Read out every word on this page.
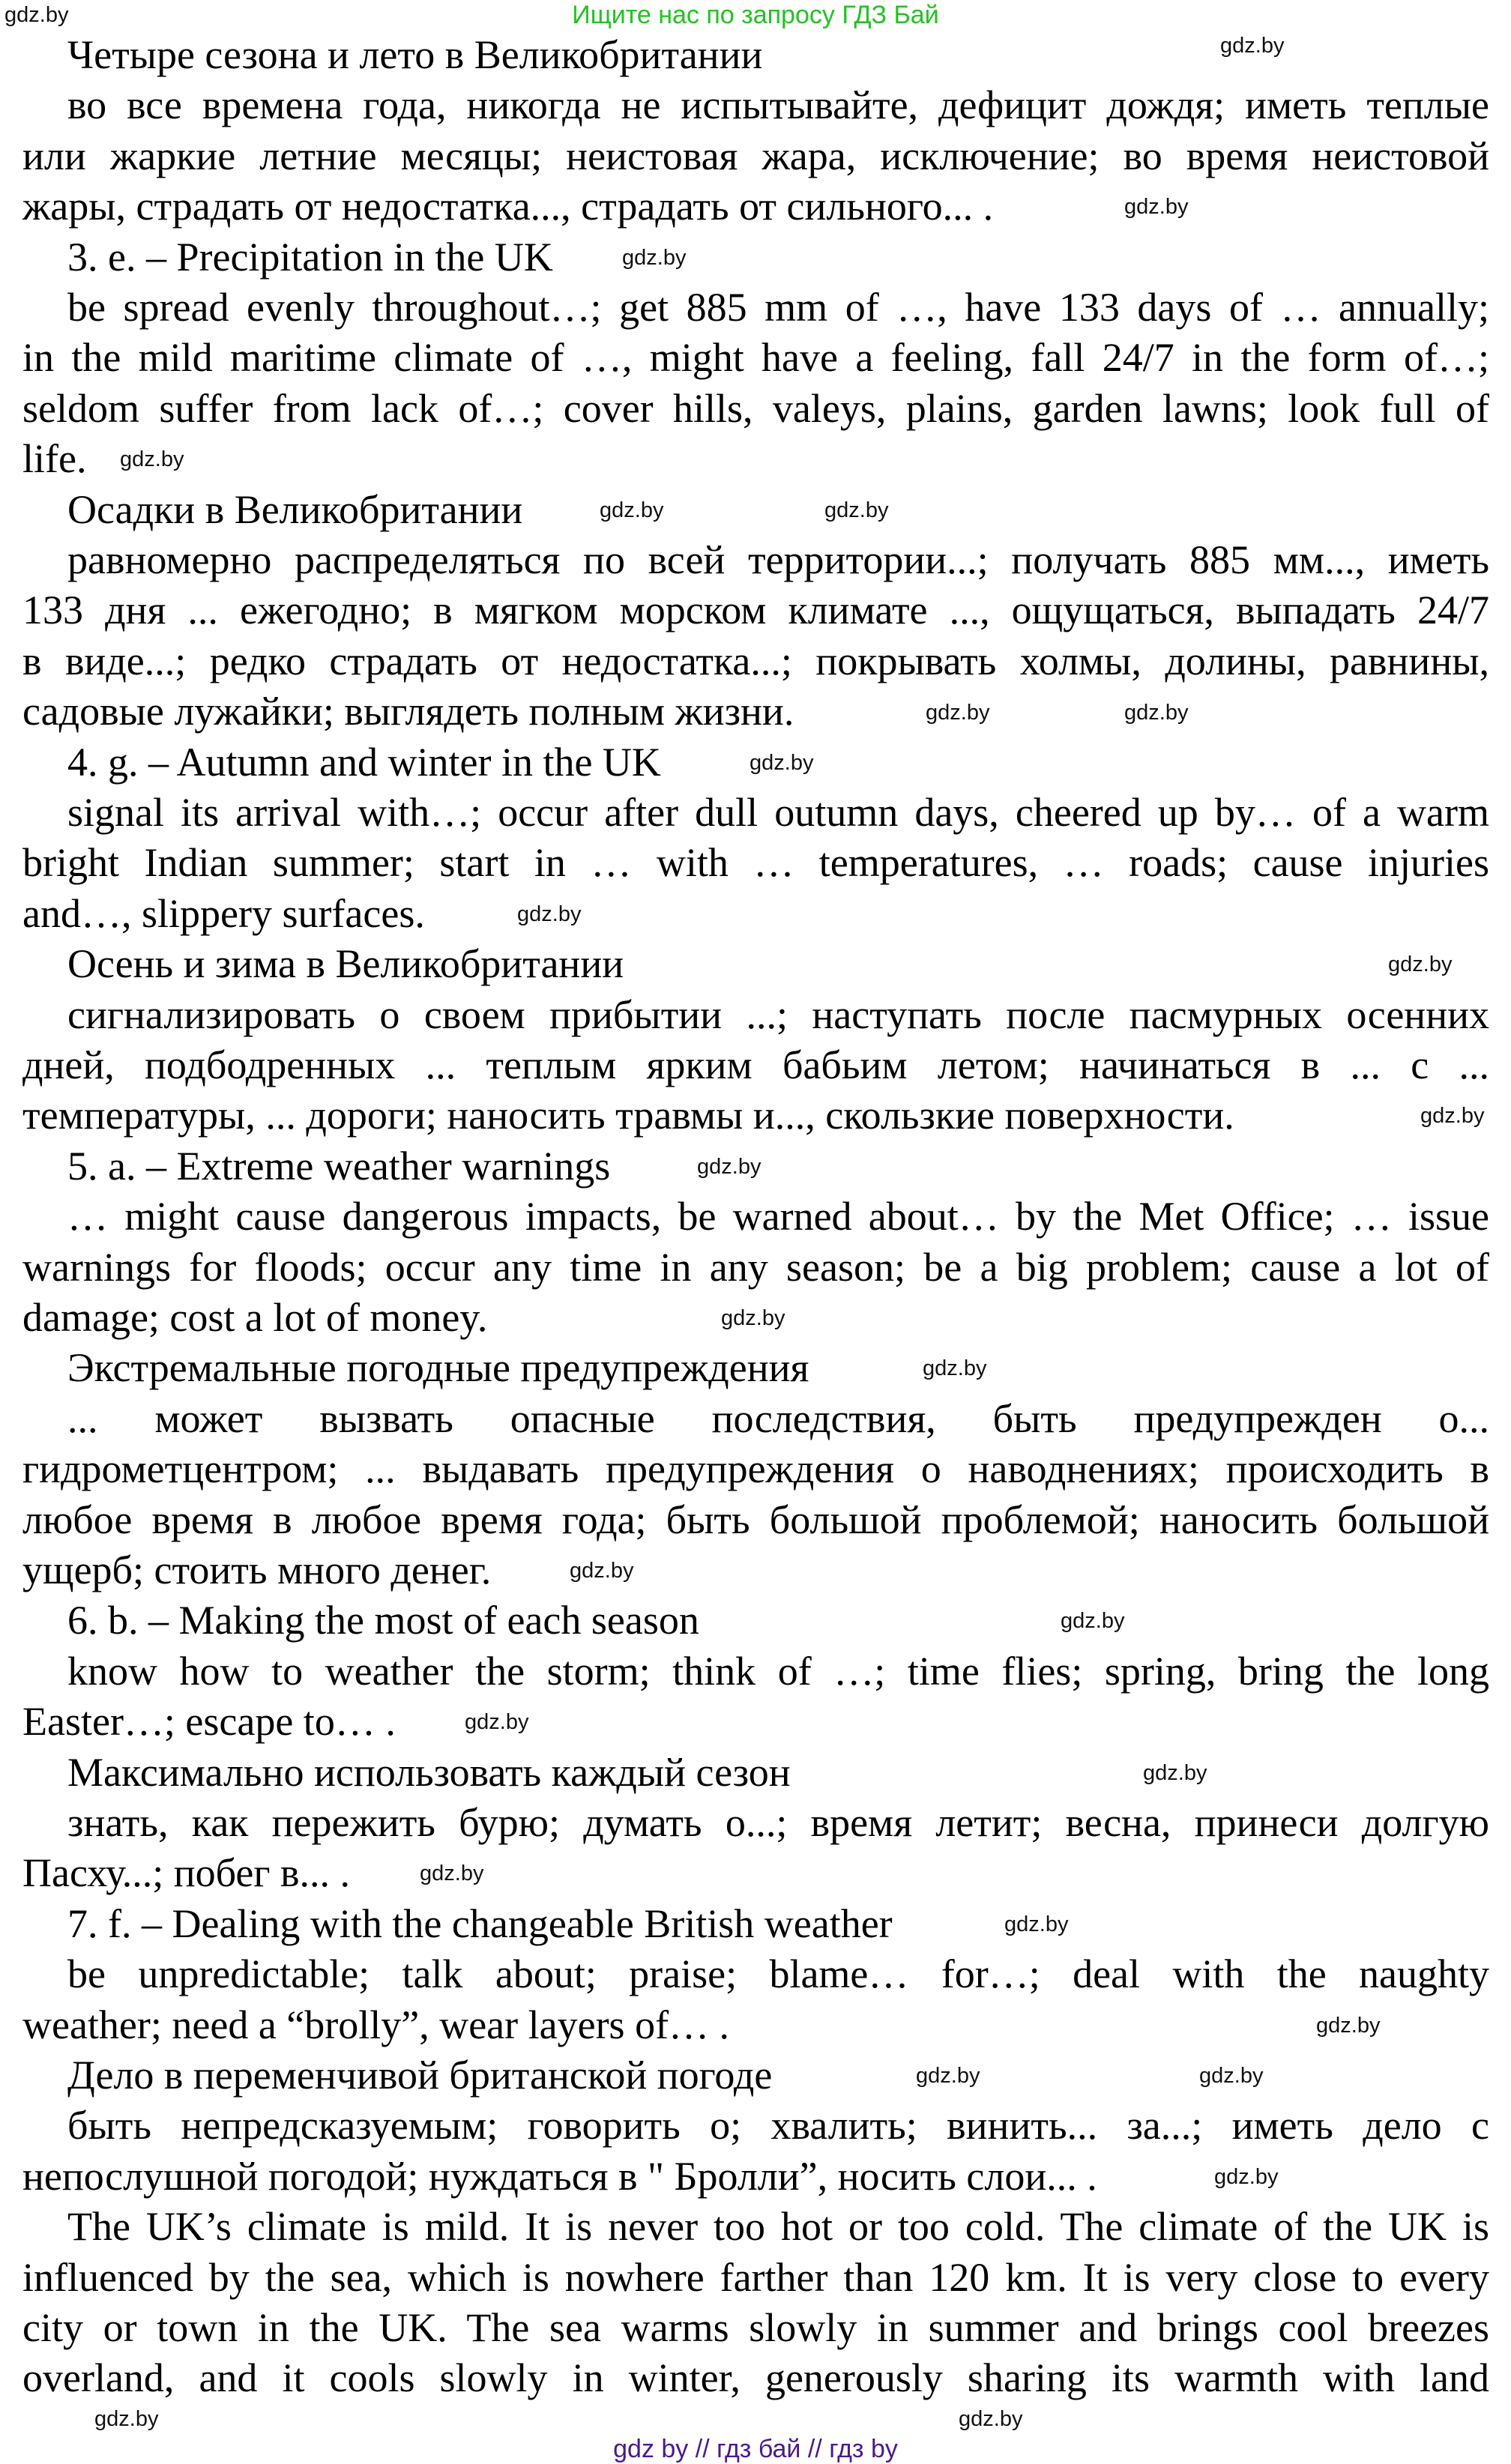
Ищите нас по запросу ГДЗ Бай
Четыре сезона и лето в Великобритании
во все времена года, никогда не испытывайте, дефицит дождя; иметь теплые
или жаркие летние месяцы; неистовая жара, исключение; во время неистовой
жары, страдать от недостатка..., страдать от сильного... .
3. e. – Precipitation in the UK
be spread evenly throughout…; get 885 mm of …, have 133 days of … annually;
in the mild maritime climate of …, might have a feeling, fall 24/7 in the form of…;
seldom suffer from lack of…; cover hills, valeys, plains, garden lawns; look full of
life.
Осадки в Великобритании
равномерно распределяться по всей территории...; получать 885 мм..., иметь
133 дня ... ежегодно; в мягком морском климате ..., ощущаться, выпадать 24/7
в виде...; редко страдать от недостатка...; покрывать холмы, долины, равнины,
садовые лужайки; выглядеть полным жизни.
4. g. – Autumn and winter in the UK
signal its arrival with…; occur after dull outumn days, cheered up by… of a warm
bright Indian summer; start in … with … temperatures, … roads; cause injuries
and…, slippery surfaces.
Осень и зима в Великобритании
сигнализировать о своем прибытии ...; наступать после пасмурных осенних
дней, подбодренных ... теплым ярким бабьим летом; начинаться в ... с ...
температуры, ... дороги; наносить травмы и..., скользкие поверхности.
5. a. – Extreme weather warnings
… might cause dangerous impacts, be warned about… by the Met Office; … issue
warnings for floods; occur any time in any season; be a big problem; cause a lot of
damage; cost a lot of money.
Экстремальные погодные предупреждения
... может вызвать опасные последствия, быть предупрежден о...
гидрометцентром; ... выдавать предупреждения о наводнениях; происходить в
любое время в любое время года; быть большой проблемой; наносить большой
ущерб; стоить много денег.
6. b. – Making the most of each season
know how to weather the storm; think of …; time flies; spring, bring the long
Easter…; escape to… .
Максимально использовать каждый сезон
знать, как пережить бурю; думать о...; время летит; весна, принеси долгую
Пасху...; побег в... .
7. f. – Dealing with the changeable British weather
be unpredictable; talk about; praise; blame… for…; deal with the naughty
weather; need a “brolly”, wear layers of… .
Дело в переменчивой британской погоде
быть непредсказуемым; говорить о; хвалить; винить... за...; иметь дело с
непослушной погодой; нуждаться в " Бролли”, носить слои... .
The UK’s climate is mild. It is never too hot or too cold. The climate of the UK is
influenced by the sea, which is nowhere farther than 120 km. It is very close to every
city or town in the UK. The sea warms slowly in summer and brings cool breezes
overland, and it cools slowly in winter, generously sharing its warmth with land
gdz by // гдз бай // гдз by
gdz.by
gdz.by
gdz.by
gdz.by
gdz.by
gdz.by	gdz.by
gdz.by
gdz.by
gdz.by
gdz.by
gdz.by
gdz.by
gdz.by
gdz.by
gdz.by
gdz.by
gdz.by
gdz.by
gdz.by
gdz.by
gdz.by
gdz.by
gdz.by
gdz.by
gdz.by
gdz.by
gdz.by
